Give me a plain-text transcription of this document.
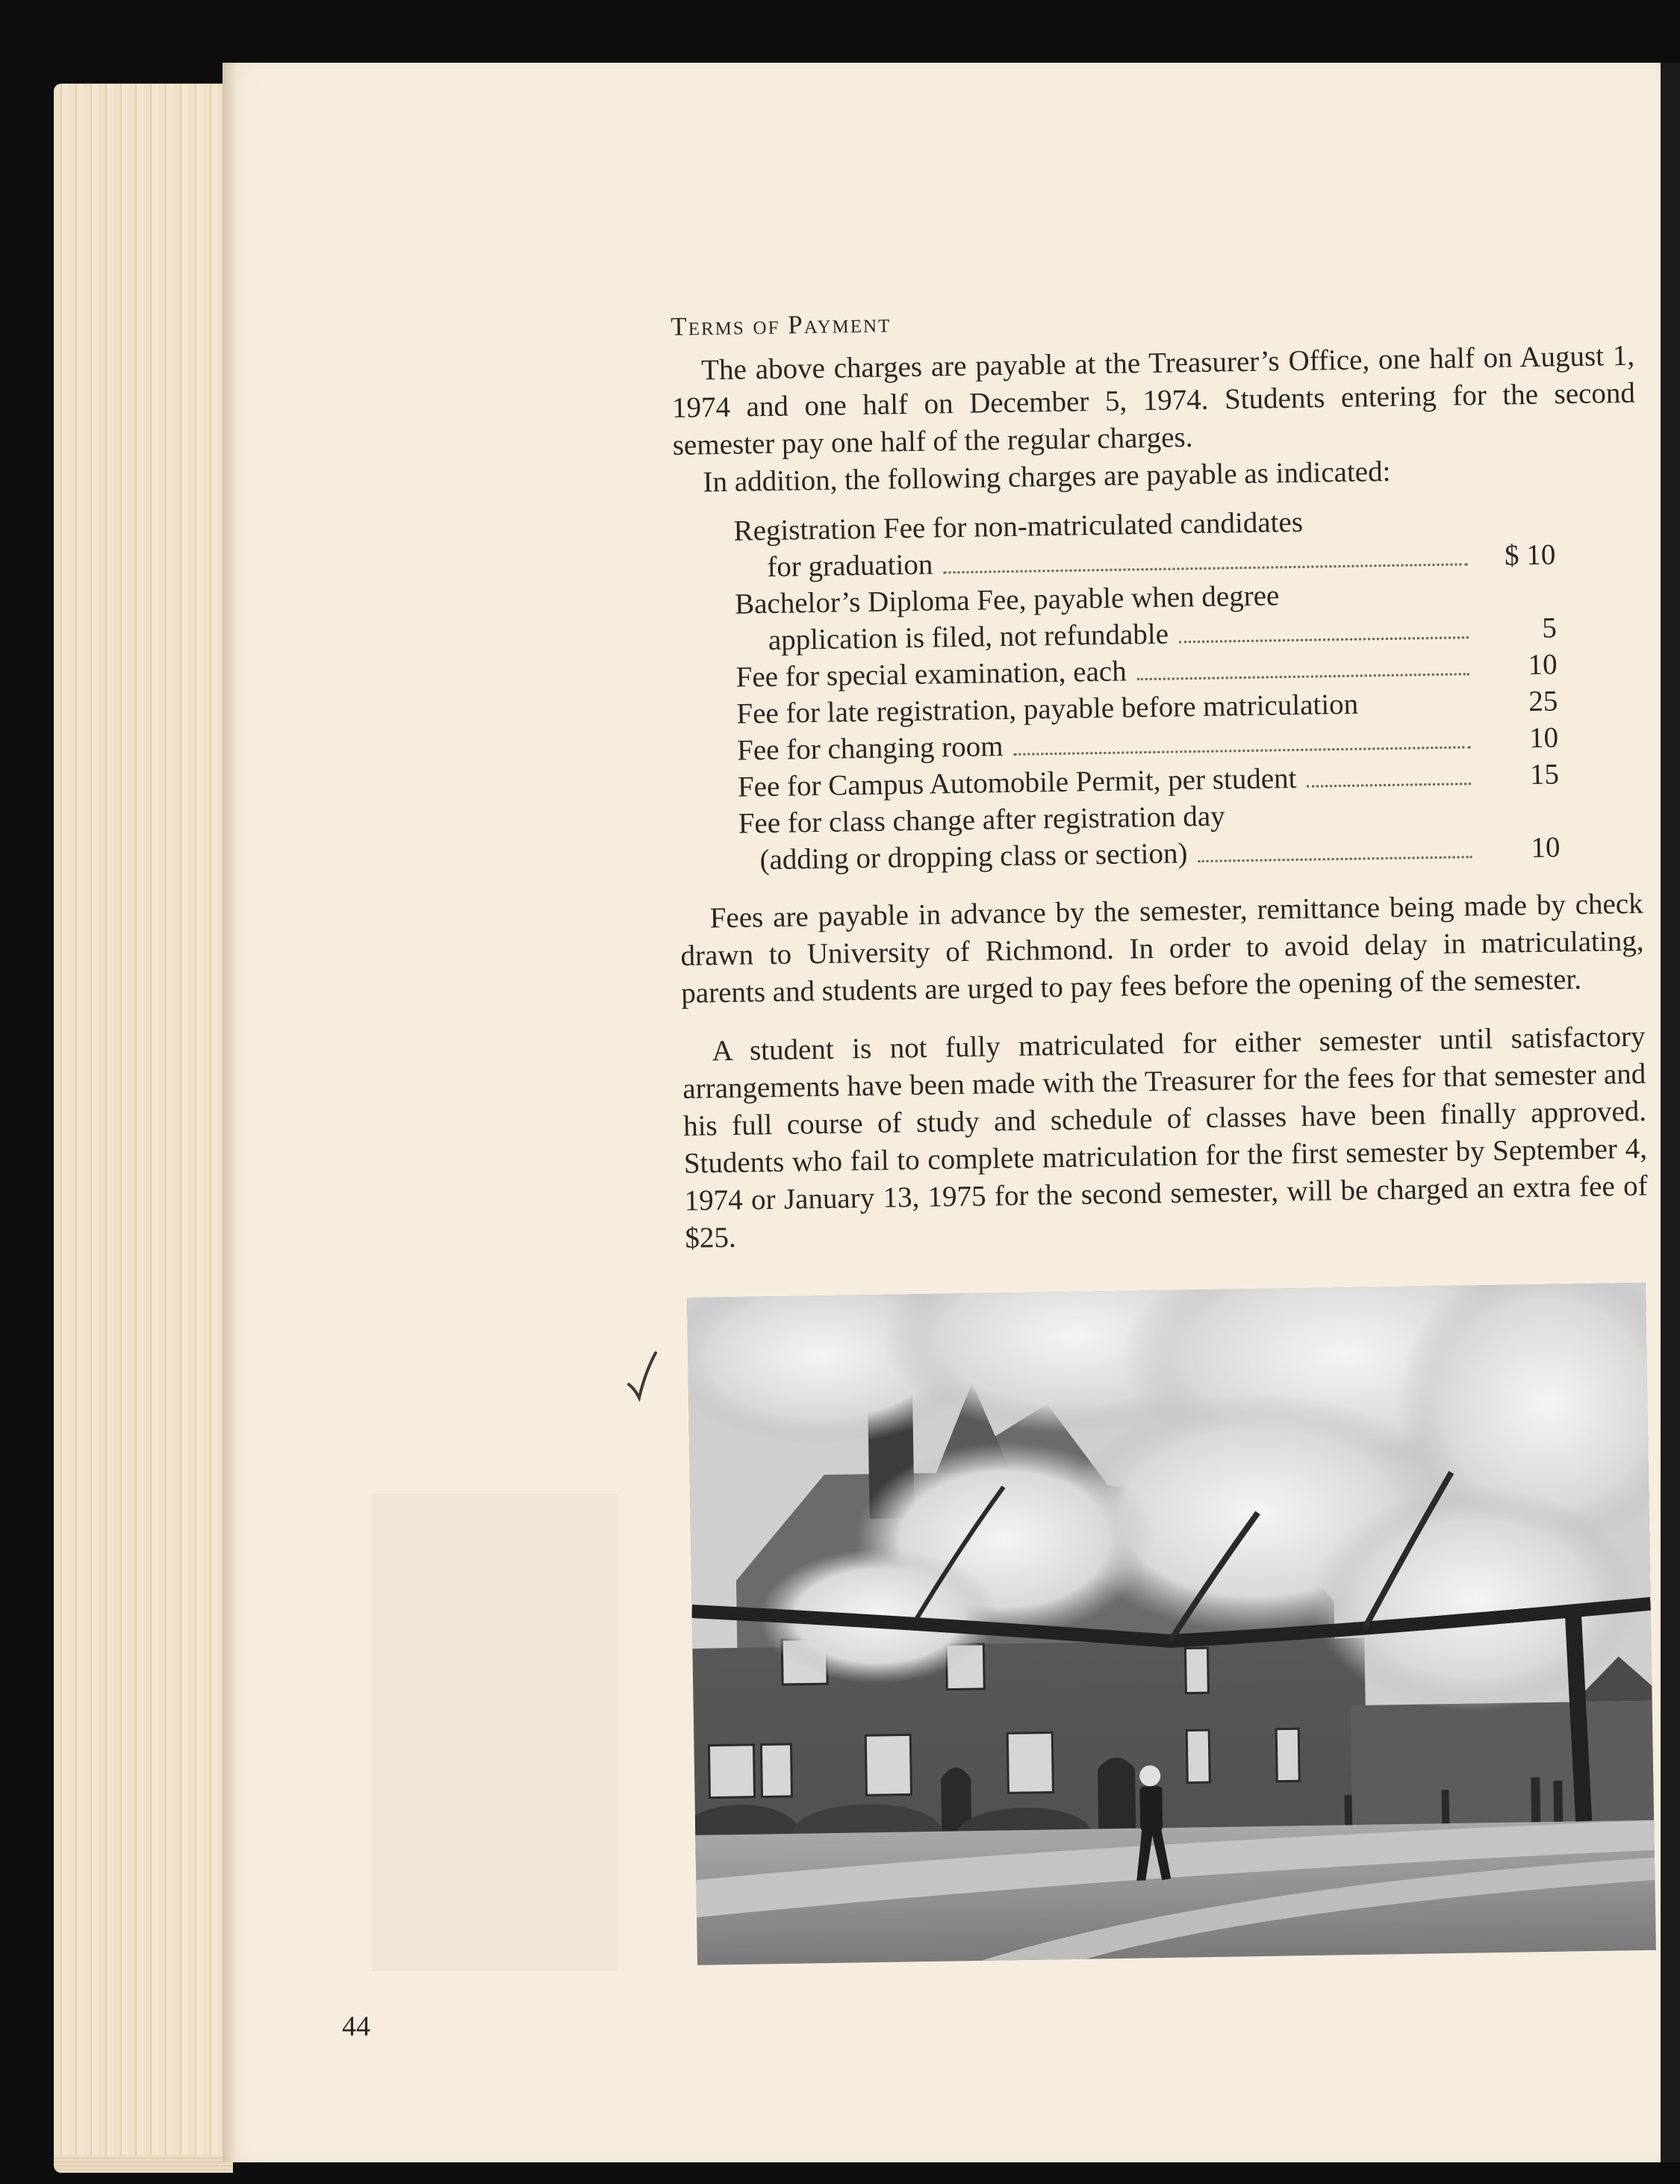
Terms of Payment

The above charges are payable at the Treasurer’s Office, one half on August 1, 1974 and one half on December 5, 1974. Students entering for the second semester pay one half of the regular charges.

In addition, the following charges are payable as indicated:

Registration Fee for non-matriculated candidates
for graduation	$ 10
Bachelor’s Diploma Fee, payable when degree
application is filed, not refundable	5
Fee for special examination, each	10
Fee for late registration, payable before matriculation	25
Fee for changing room	10
Fee for Campus Automobile Permit, per student	15
Fee for class change after registration day
(adding or dropping class or section)	10

Fees are payable in advance by the semester, remittance being made by check drawn to University of Richmond. In order to avoid delay in matriculating, parents and students are urged to pay fees before the opening of the semester.

A student is not fully matriculated for either semester until satisfactory arrangements have been made with the Treasurer for the fees for that semester and his full course of study and schedule of classes have been finally approved. Students who fail to complete matriculation for the first semester by September 4, 1974 or January 13, 1975 for the second semester, will be charged an extra fee of $25.

44
